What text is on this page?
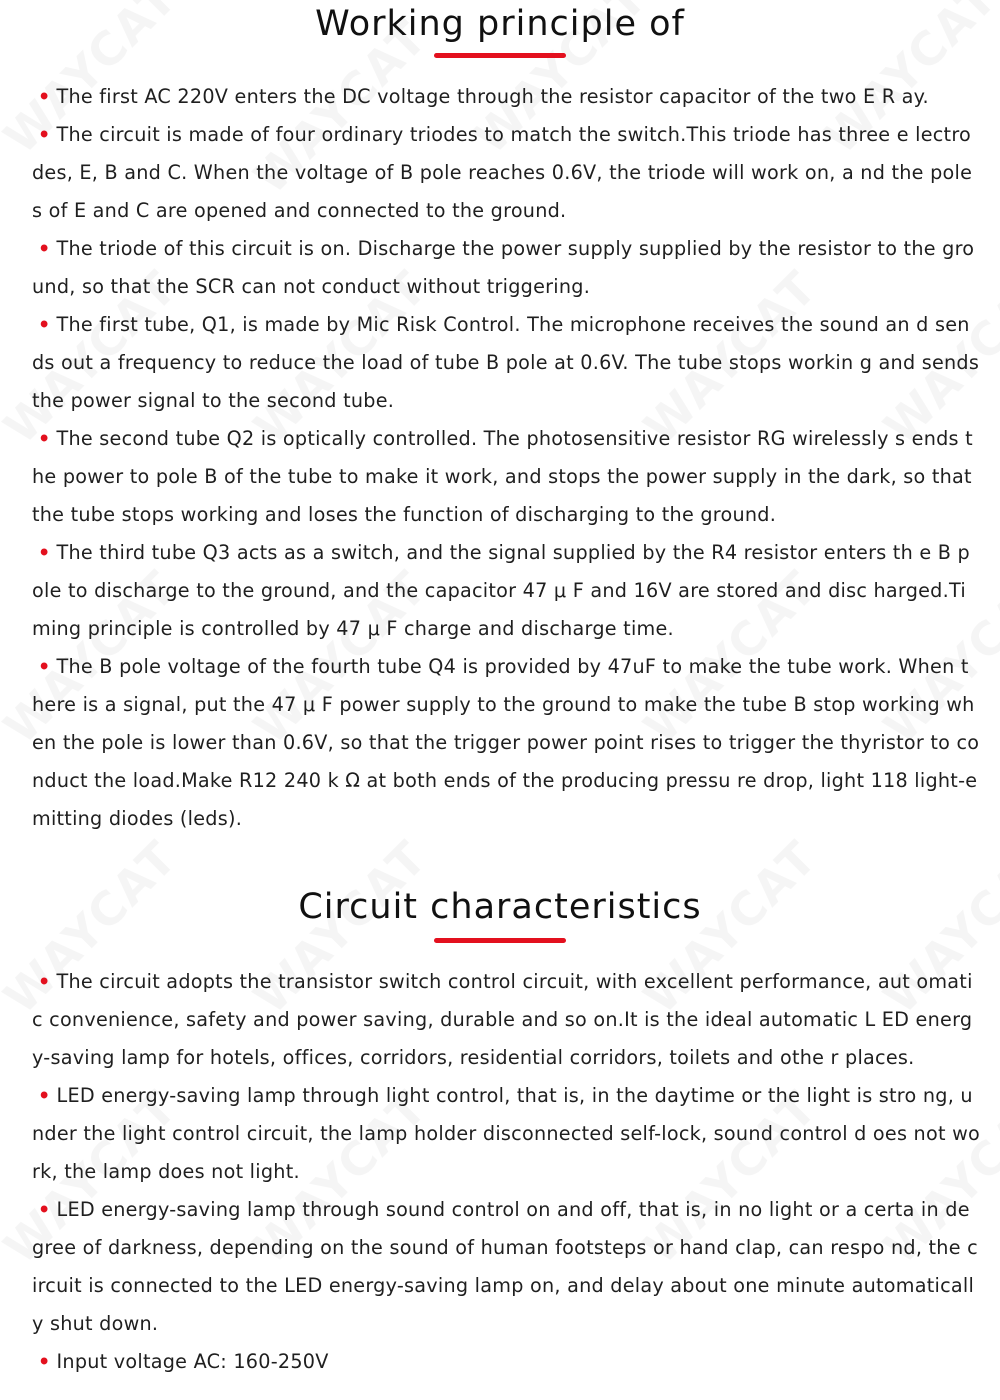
Working principle of

• The first AC 220V enters the DC voltage through the resistor capacitor of the two E R ay.

• The circuit is made of four ordinary triodes to match the switch.This triode has three e lectrodes, E, B and C. When the voltage of B pole reaches 0.6V, the triode will work on, a nd the poles of E and C are opened and connected to the ground.

• The triode of this circuit is on. Discharge the power supply supplied by the resistor to the ground, so that the SCR can not conduct without triggering.

• The first tube, Q1, is made by Mic Risk Control. The microphone receives the sound an d sends out a frequency to reduce the load of tube B pole at 0.6V. The tube stops workin g and sends the power signal to the second tube.

• The second tube Q2 is optically controlled. The photosensitive resistor RG wirelessly s ends the power to pole B of the tube to make it work, and stops the power supply in the dark, so that the tube stops working and loses the function of discharging to the ground.

• The third tube Q3 acts as a switch, and the signal supplied by the R4 resistor enters th e B pole to discharge to the ground, and the capacitor 47 μ F and 16V are stored and disc harged.Timing principle is controlled by 47 μ F charge and discharge time.

• The B pole voltage of the fourth tube Q4 is provided by 47uF to make the tube work. When there is a signal, put the 47 μ F power supply to the ground to make the tube B stop working when the pole is lower than 0.6V, so that the trigger power point rises to trigger the thyristor to conduct the load.Make R12 240 k Ω at both ends of the producing pressu re drop, light 118 light-emitting diodes (leds).

Circuit characteristics

• The circuit adopts the transistor switch control circuit, with excellent performance, aut omatic convenience, safety and power saving, durable and so on.It is the ideal automatic L ED energy-saving lamp for hotels, offices, corridors, residential corridors, toilets and othe r places.

• LED energy-saving lamp through light control, that is, in the daytime or the light is stro ng, under the light control circuit, the lamp holder disconnected self-lock, sound control d oes not work, the lamp does not light.

• LED energy-saving lamp through sound control on and off, that is, in no light or a certa in degree of darkness, depending on the sound of human footsteps or hand clap, can respo nd, the circuit is connected to the LED energy-saving lamp on, and delay about one minute automatically shut down.

• Input voltage AC: 160-250V
